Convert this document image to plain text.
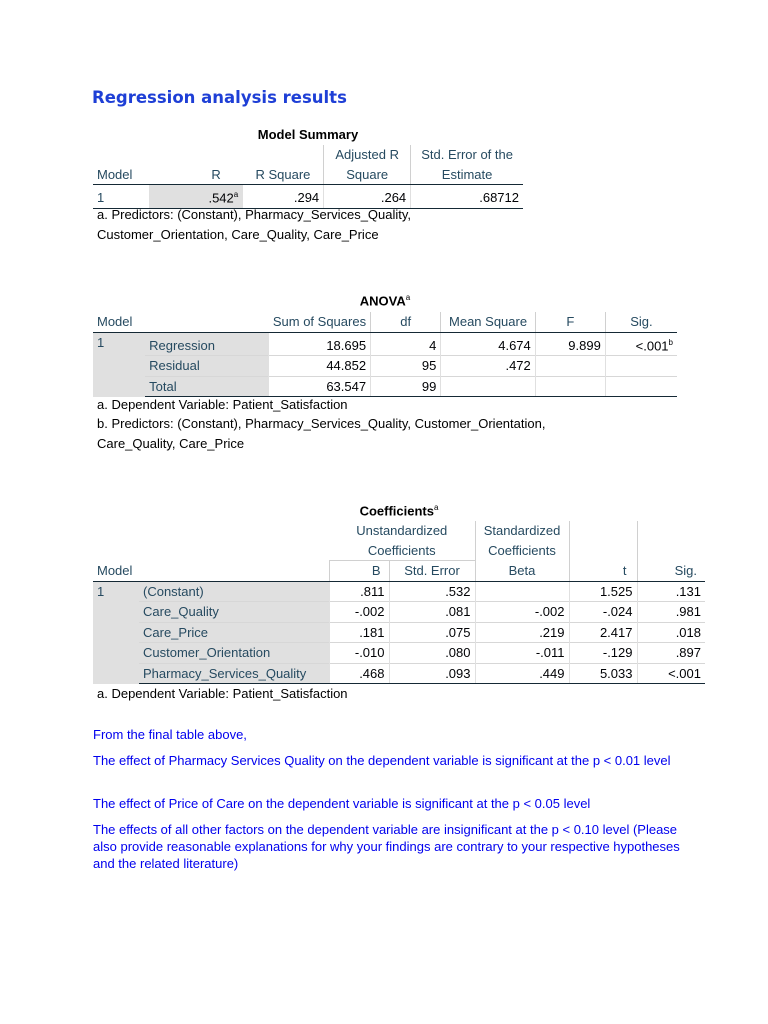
Regression analysis results
Model Summary
			Adjusted R	Std. Error of the
Model	R	R Square	Square	Estimate
1	.542$^a$	.294	.264	.68712
a. Predictors: (Constant), Pharmacy_Services_Quality,
Customer_Orientation, Care_Quality, Care_Price
ANOVA$^a$
Model		Sum of Squares	df	Mean Square	F	Sig.
1	Regression	18.695	4	4.674	9.899	<.001$^b$
	Residual	44.852	95	.472		
	Total	63.547	99			
a. Dependent Variable: Patient_Satisfaction
b. Predictors: (Constant), Pharmacy_Services_Quality, Customer_Orientation,
Care_Quality, Care_Price
Coefficients$^a$
		Unstandardized		Standardized		
		Coefficients		Coefficients		
Model		B	Std. Error	Beta	t	Sig.
1	(Constant)	.811	.532		1.525	.131
	Care_Quality	-.002	.081	-.002	-.024	.981
	Care_Price	.181	.075	.219	2.417	.018
	Customer_Orientation	-.010	.080	-.011	-.129	.897
	Pharmacy_Services_Quality	.468	.093	.449	5.033	<.001
a. Dependent Variable: Patient_Satisfaction
From the final table above,
The effect of Pharmacy Services Quality on the dependent variable is significant at the p < 0.01 level
The effect of Price of Care on the dependent variable is significant at the p < 0.05 level
The effects of all other factors on the dependent variable are insignificant at the p < 0.10 level (Please also provide reasonable explanations for why your findings are contrary to your respective hypotheses and the related literature)
